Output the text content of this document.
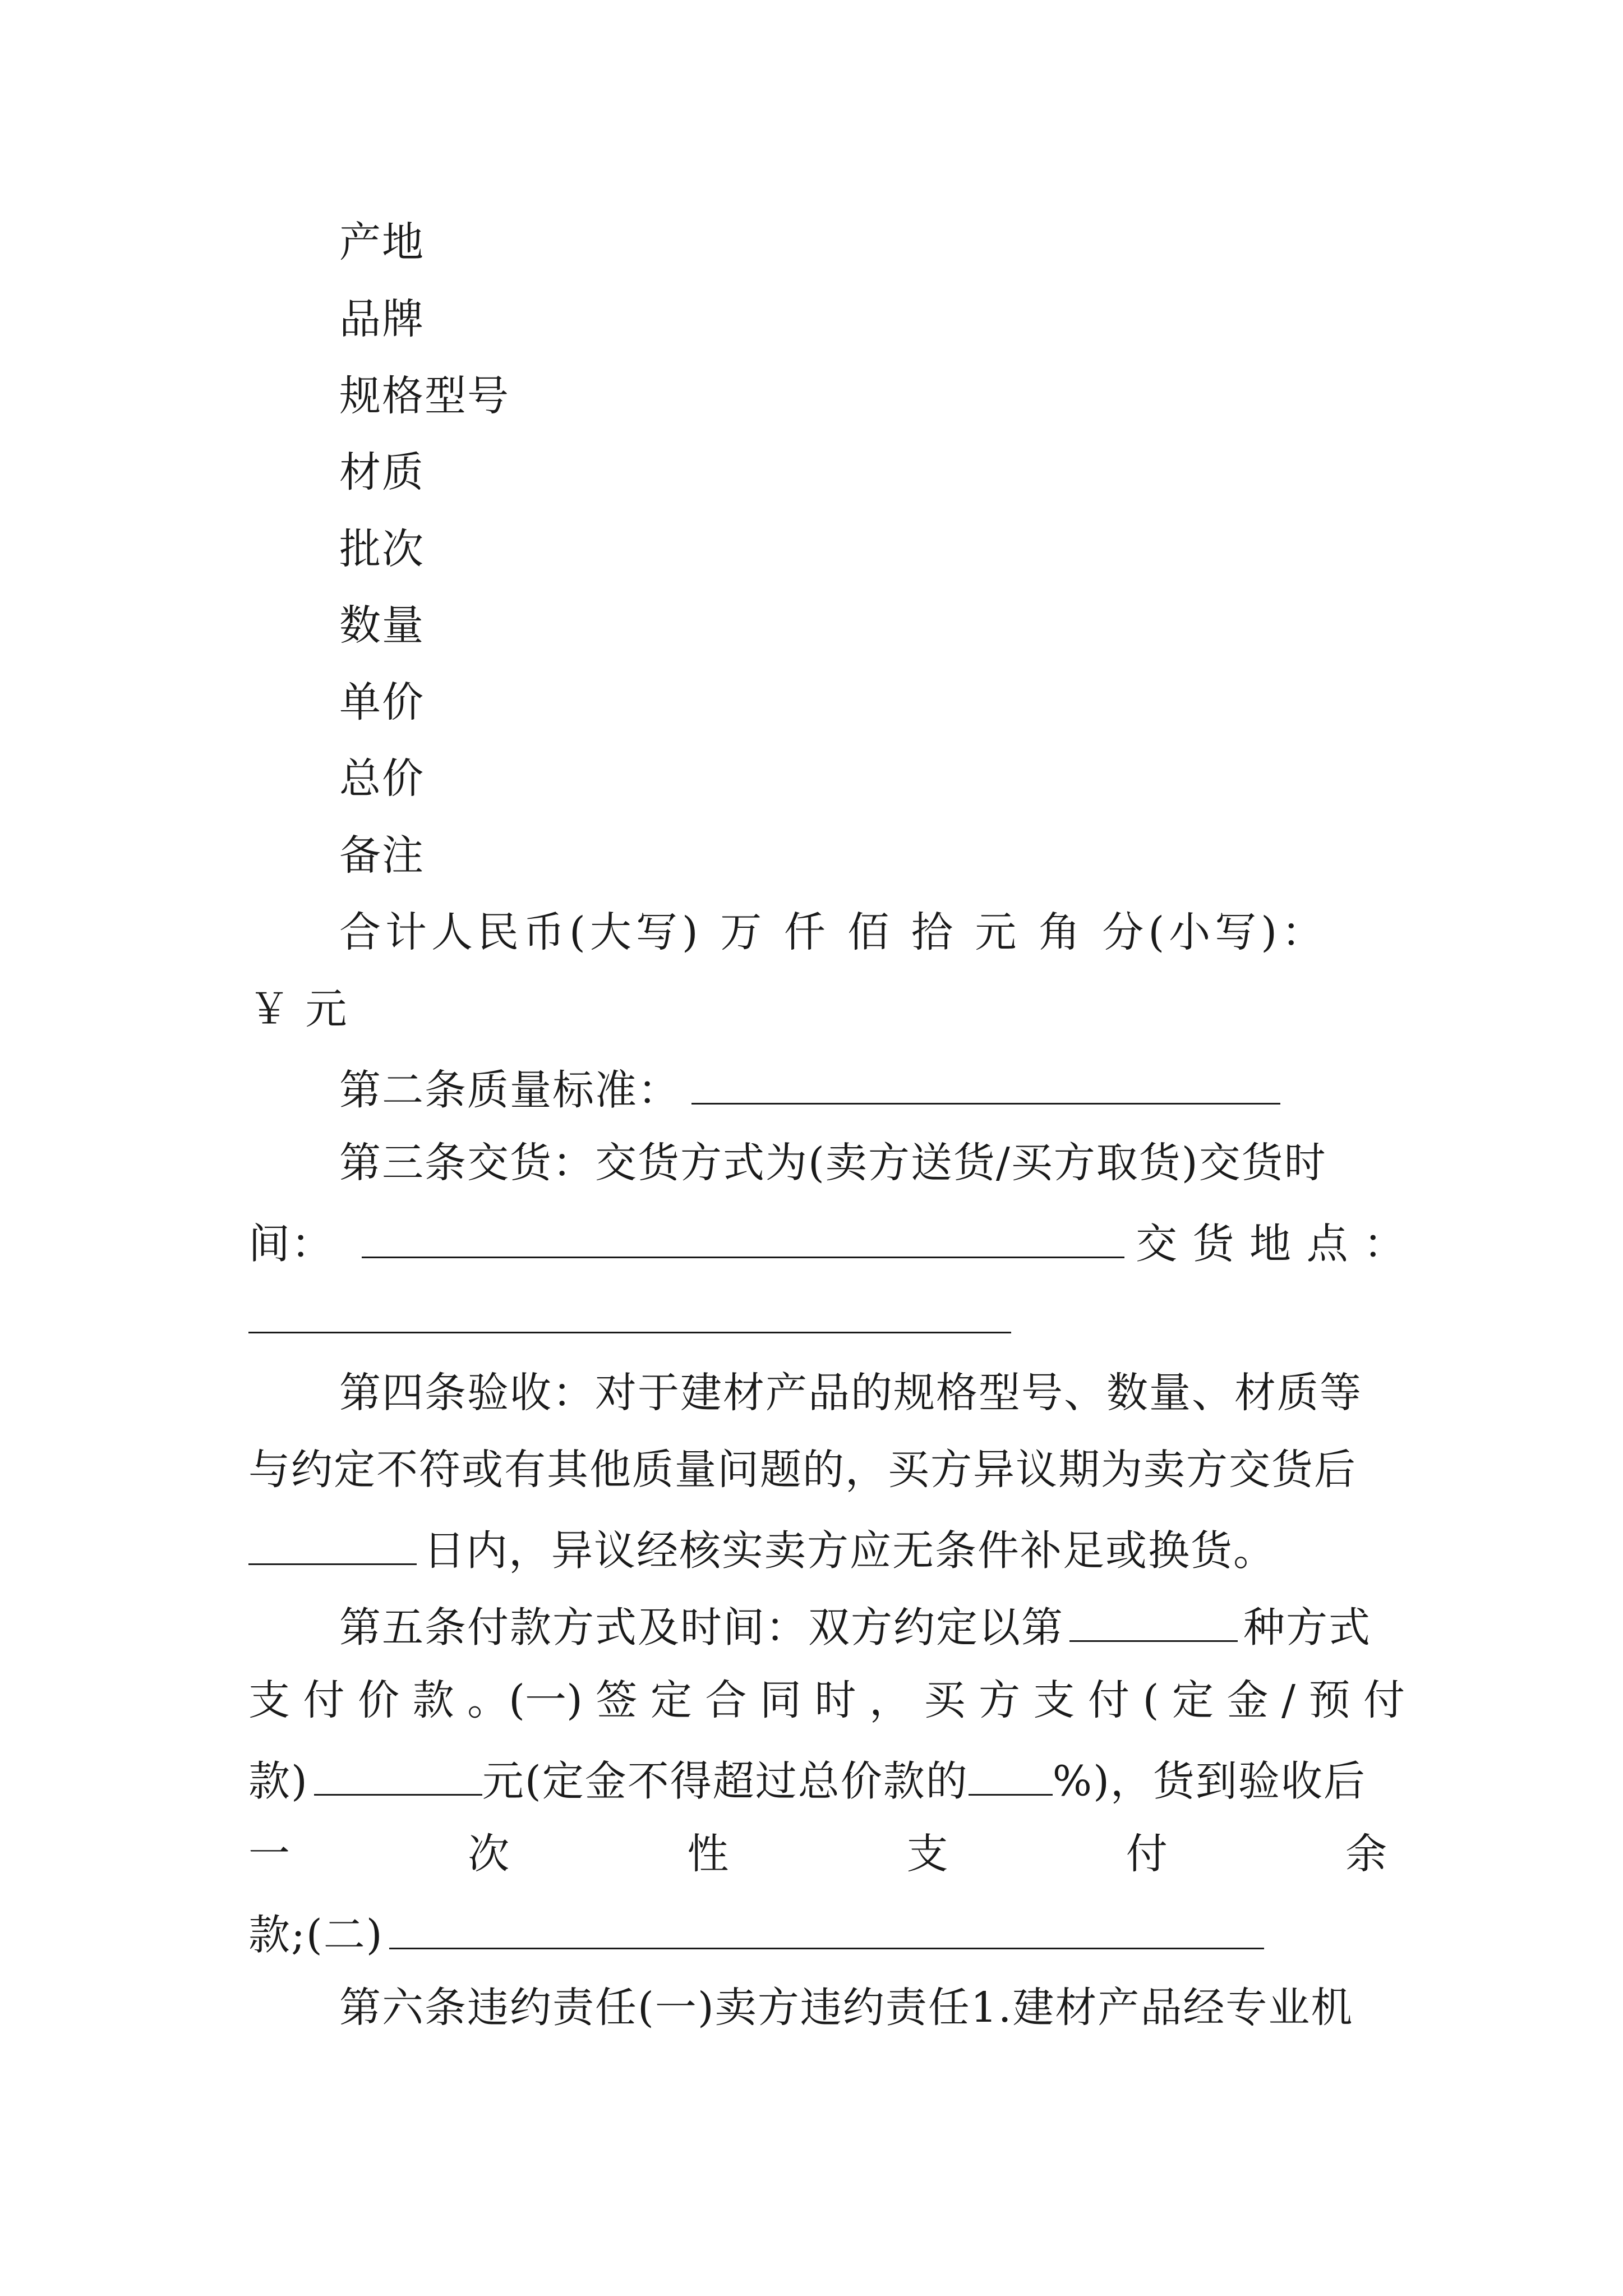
产地
品牌
规格型号
材质
批次
数量
单价
总价
备注
合计人民币(大写) 万 仟 佰 拾 元 角 分(小写)：
￥ 元
第二条质量标准：
第三条交货：交货方式为(卖方送货/买方取货)交货时
间：	交 货 地 点 ：
第四条验收：对于建材产品的规格型号、数量、材质等
与约定不符或有其他质量问题的，买方异议期为卖方交货后
日内，异议经核实卖方应无条件补足或换货。
第五条付款方式及时间：双方约定以第	种方式
支 付 价 款 。(一) 签 定 合 同 时 ， 买 方 支 付 ( 定 金 / 预 付
款)	元(定金不得超过总价款的 %)，货到验收后
一	次	性	支	付	余
款;(二)
第六条违约责任(一)卖方违约责任1.建材产品经专业机
